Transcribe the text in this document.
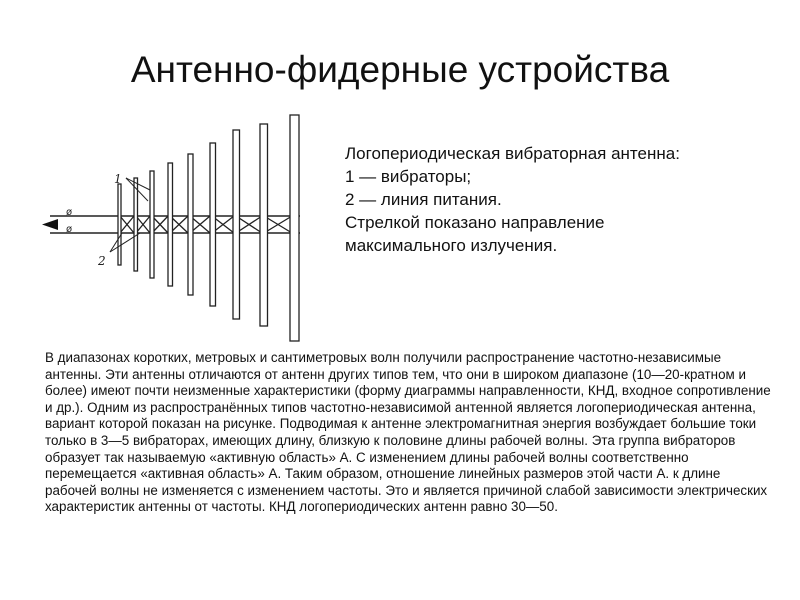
Антенно-фидерные устройства
1
2
ø
ø
Логопериодическая вибраторная антенна:
1 — вибраторы;
2 — линия питания.
Стрелкой показано направление
максимального излучения.

В диапазонах коротких, метровых и сантиметровых волн получили распространение частотно-независимые антенны. Эти антенны отличаются от антенн других типов тем, что они в широком диапазоне (10—20-кратном и более) имеют почти неизменные характеристики (форму диаграммы направленности, КНД, входное сопротивление и др.). Одним из распространённых типов частотно-независимой антенной является логопериодическая антенна, вариант которой показан на рисунке. Подводимая к антенне электромагнитная энергия возбуждает большие токи только в 3—5 вибраторах, имеющих длину, близкую к половине длины рабочей волны. Эта группа вибраторов образует так называемую «активную область» А. С изменением длины рабочей волны соответственно перемещается «активная область» А. Таким образом, отношение линейных размеров этой части А. к длине рабочей волны не изменяется с изменением частоты. Это и является причиной слабой зависимости электрических характеристик антенны от частоты. КНД логопериодических антенн равно 30—50.
